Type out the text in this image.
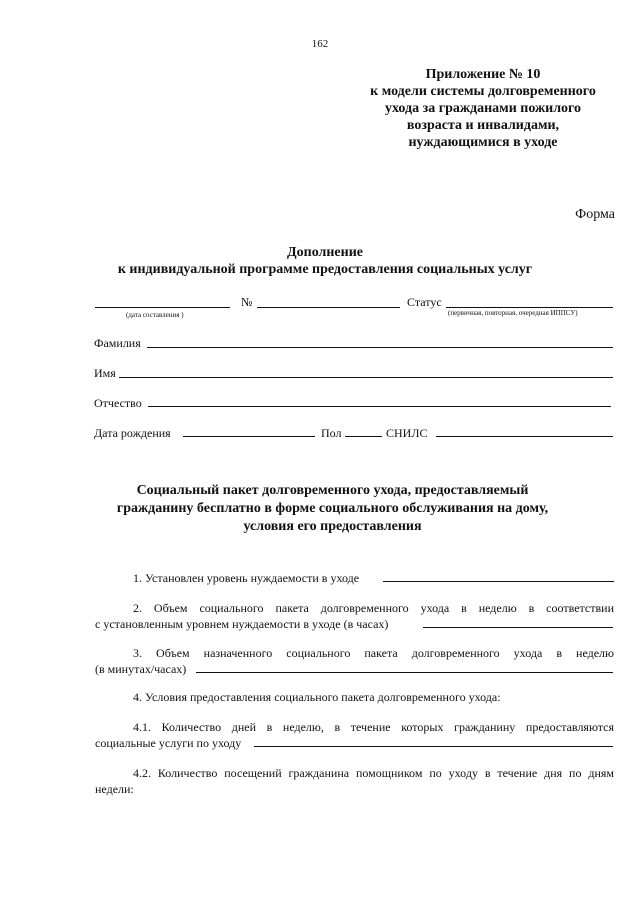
162
Приложение № 10
к модели системы долговременного
ухода за гражданами пожилого
возраста и инвалидами,
нуждающимися в уходе
Форма
Дополнение
к индивидуальной программе предоставления социальных услуг
(дата составления )
№	Статус
(первичная, повторная, очередная ИППСУ)
Фамилия
Имя
Отчество
Дата рождения	Пол	СНИЛС
Социальный пакет долговременного ухода, предоставляемый
гражданину бесплатно в форме социального обслуживания на дому,
условия его предоставления
1. Установлен уровень нуждаемости в уходе
2. Объем социального пакета долговременного ухода в неделю в соответствии
с установленным уровнем нуждаемости в уходе (в часах)
3. Объем назначенного социального пакета долговременного ухода в неделю
(в минутах/часах)
4. Условия предоставления социального пакета долговременного ухода:
4.1. Количество дней в неделю, в течение которых гражданину предоставляются
социальные услуги по уходу
4.2. Количество посещений гражданина помощником по уходу в течение дня по дням
недели:
